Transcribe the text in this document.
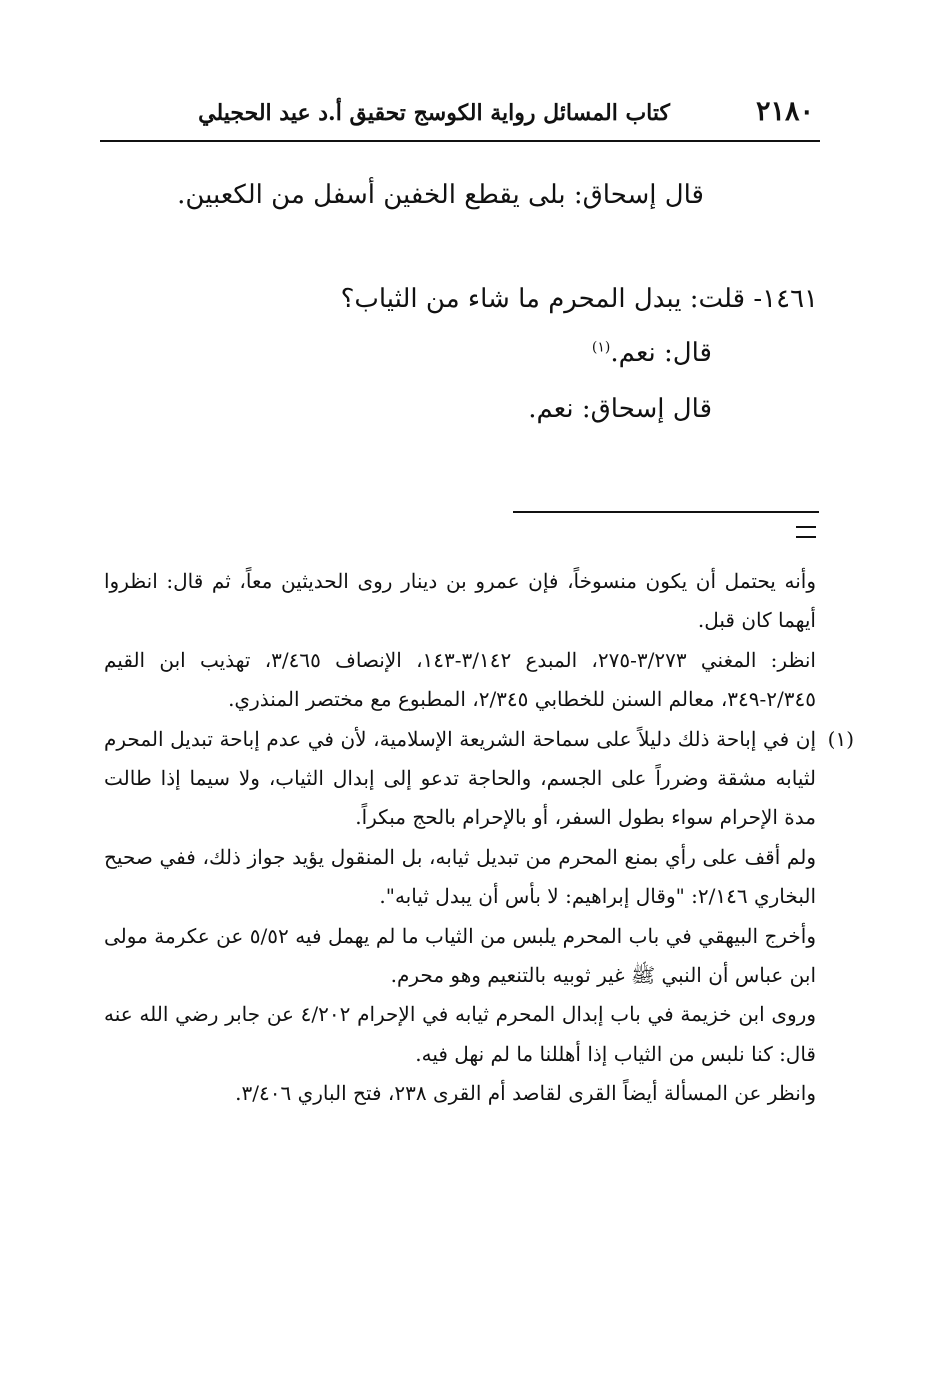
٢١٨٠
كتاب المسائل رواية الكوسج تحقيق أ.د عيد الحجيلي
قال إسحاق: بلى يقطع الخفين أسفل من الكعبين.
١٤٦١- قلت: يبدل المحرم ما شاء من الثياب؟
قال: نعم.$^{(١)}$
قال إسحاق: نعم.

وأنه يحتمل أن يكون منسوخاً، فإن عمرو بن دينار روى الحديثين معاً، ثم قال: انظروا أيهما كان قبل.

انظر: المغني ٣/٢٧٣-٢٧٥، المبدع ٣/١٤٢-١٤٣، الإنصاف ٣/٤٦٥، تهذيب ابن القيم ٢/٣٤٥-٣٤٩، معالم السنن للخطابي ٢/٣٤٥، المطبوع مع مختصر المنذري.

(١)

إن في إباحة ذلك دليلاً على سماحة الشريعة الإسلامية، لأن في عدم إباحة تبديل المحرم لثيابه مشقة وضرراً على الجسم، والحاجة تدعو إلى إبدال الثياب، ولا سيما إذا طالت مدة الإحرام سواء بطول السفر، أو بالإحرام بالحج مبكراً.

ولم أقف على رأي بمنع المحرم من تبديل ثيابه، بل المنقول يؤيد جواز ذلك، ففي صحيح البخاري ٢/١٤٦: "وقال إبراهيم: لا بأس أن يبدل ثيابه".

وأخرج البيهقي في باب المحرم يلبس من الثياب ما لم يهمل فيه ٥/٥٢ عن عكرمة مولى ابن عباس أن النبي ﷺ غير ثوبيه بالتنعيم وهو محرم.

وروى ابن خزيمة في باب إبدال المحرم ثيابه في الإحرام ٤/٢٠٢ عن جابر رضي الله عنه قال: كنا نلبس من الثياب إذا أهللنا ما لم نهل فيه.

وانظر عن المسألة أيضاً القرى لقاصد أم القرى ٢٣٨، فتح الباري ٣/٤٠٦.
